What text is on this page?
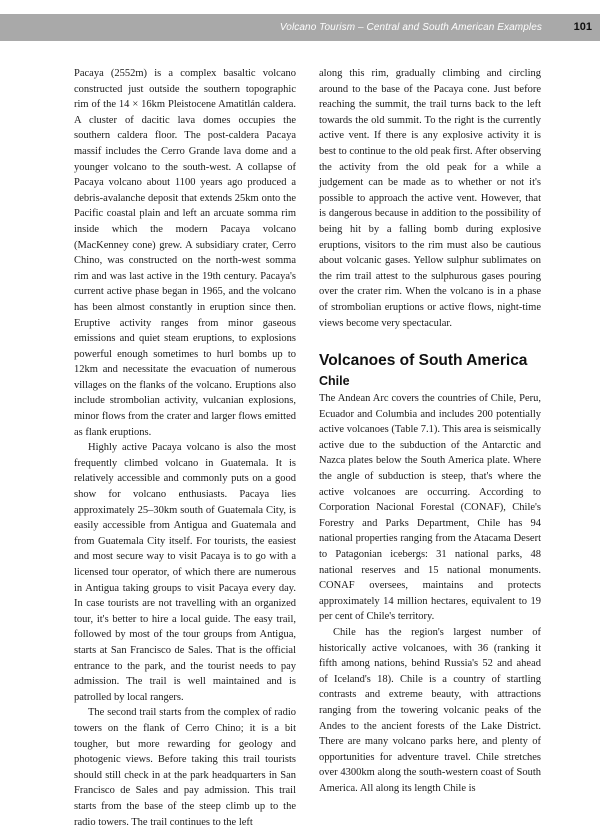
Volcano Tourism – Central and South American Examples	101

Pacaya (2552m) is a complex basaltic volcano constructed just outside the southern topographic rim of the 14 × 16km Pleistocene Amatitlán caldera. A cluster of dacitic lava domes occupies the southern caldera floor. The post-caldera Pacaya massif includes the Cerro Grande lava dome and a younger volcano to the south-west. A collapse of Pacaya volcano about 1100 years ago produced a debris-avalanche deposit that extends 25km onto the Pacific coastal plain and left an arcuate somma rim inside which the modern Pacaya volcano (MacKenney cone) grew. A subsidiary crater, Cerro Chino, was constructed on the north-west somma rim and was last active in the 19th century. Pacaya's current active phase began in 1965, and the volcano has been almost constantly in eruption since then. Eruptive activity ranges from minor gaseous emissions and quiet steam eruptions, to explosions powerful enough sometimes to hurl bombs up to 12km and necessitate the evacuation of numerous villages on the flanks of the volcano. Eruptions also include strombolian activity, vulcanian explosions, minor flows from the crater and larger flows emitted as flank eruptions.

Highly active Pacaya volcano is also the most frequently climbed volcano in Guatemala. It is relatively accessible and commonly puts on a good show for volcano enthusiasts. Pacaya lies approximately 25–30km south of Guatemala City, is easily accessible from Antigua and Guatemala and from Guatemala City itself. For tourists, the easiest and most secure way to visit Pacaya is to go with a licensed tour operator, of which there are numerous in Antigua taking groups to visit Pacaya every day. In case tourists are not travelling with an organized tour, it's better to hire a local guide. The easy trail, followed by most of the tour groups from Antigua, starts at San Francisco de Sales. That is the official entrance to the park, and the tourist needs to pay admission. The trail is well maintained and is patrolled by local rangers.

The second trail starts from the complex of radio towers on the flank of Cerro Chino; it is a bit tougher, but more rewarding for geology and photogenic views. Before taking this trail tourists should still check in at the park headquarters in San Francisco de Sales and pay admission. This trail starts from the base of the steep climb up to the radio towers. The trail continues to the left

along this rim, gradually climbing and circling around to the base of the Pacaya cone. Just before reaching the summit, the trail turns back to the left towards the old summit. To the right is the currently active vent. If there is any explosive activity it is best to continue to the old peak first. After observing the activity from the old peak for a while a judgement can be made as to whether or not it's possible to approach the active vent. However, that is dangerous because in addition to the possibility of being hit by a falling bomb during explosive eruptions, visitors to the rim must also be cautious about volcanic gases. Yellow sulphur sublimates on the rim trail attest to the sulphurous gases pouring over the crater rim. When the volcano is in a phase of strombolian eruptions or active flows, night-time views become very spectacular.

Volcanoes of South America
Chile

The Andean Arc covers the countries of Chile, Peru, Ecuador and Columbia and includes 200 potentially active volcanoes (Table 7.1). This area is seismically active due to the subduction of the Antarctic and Nazca plates below the South America plate. Where the angle of subduction is steep, that's where the active volcanoes are occurring. According to Corporation Nacional Forestal (CONAF), Chile's Forestry and Parks Department, Chile has 94 national properties ranging from the Atacama Desert to Patagonian icebergs: 31 national parks, 48 national reserves and 15 national monuments. CONAF oversees, maintains and protects approximately 14 million hectares, equivalent to 19 per cent of Chile's territory.

Chile has the region's largest number of historically active volcanoes, with 36 (ranking it fifth among nations, behind Russia's 52 and ahead of Iceland's 18). Chile is a country of startling contrasts and extreme beauty, with attractions ranging from the towering volcanic peaks of the Andes to the ancient forests of the Lake District. There are many volcano parks here, and plenty of opportunities for adventure travel. Chile stretches over 4300km along the south-western coast of South America. All along its length Chile is
